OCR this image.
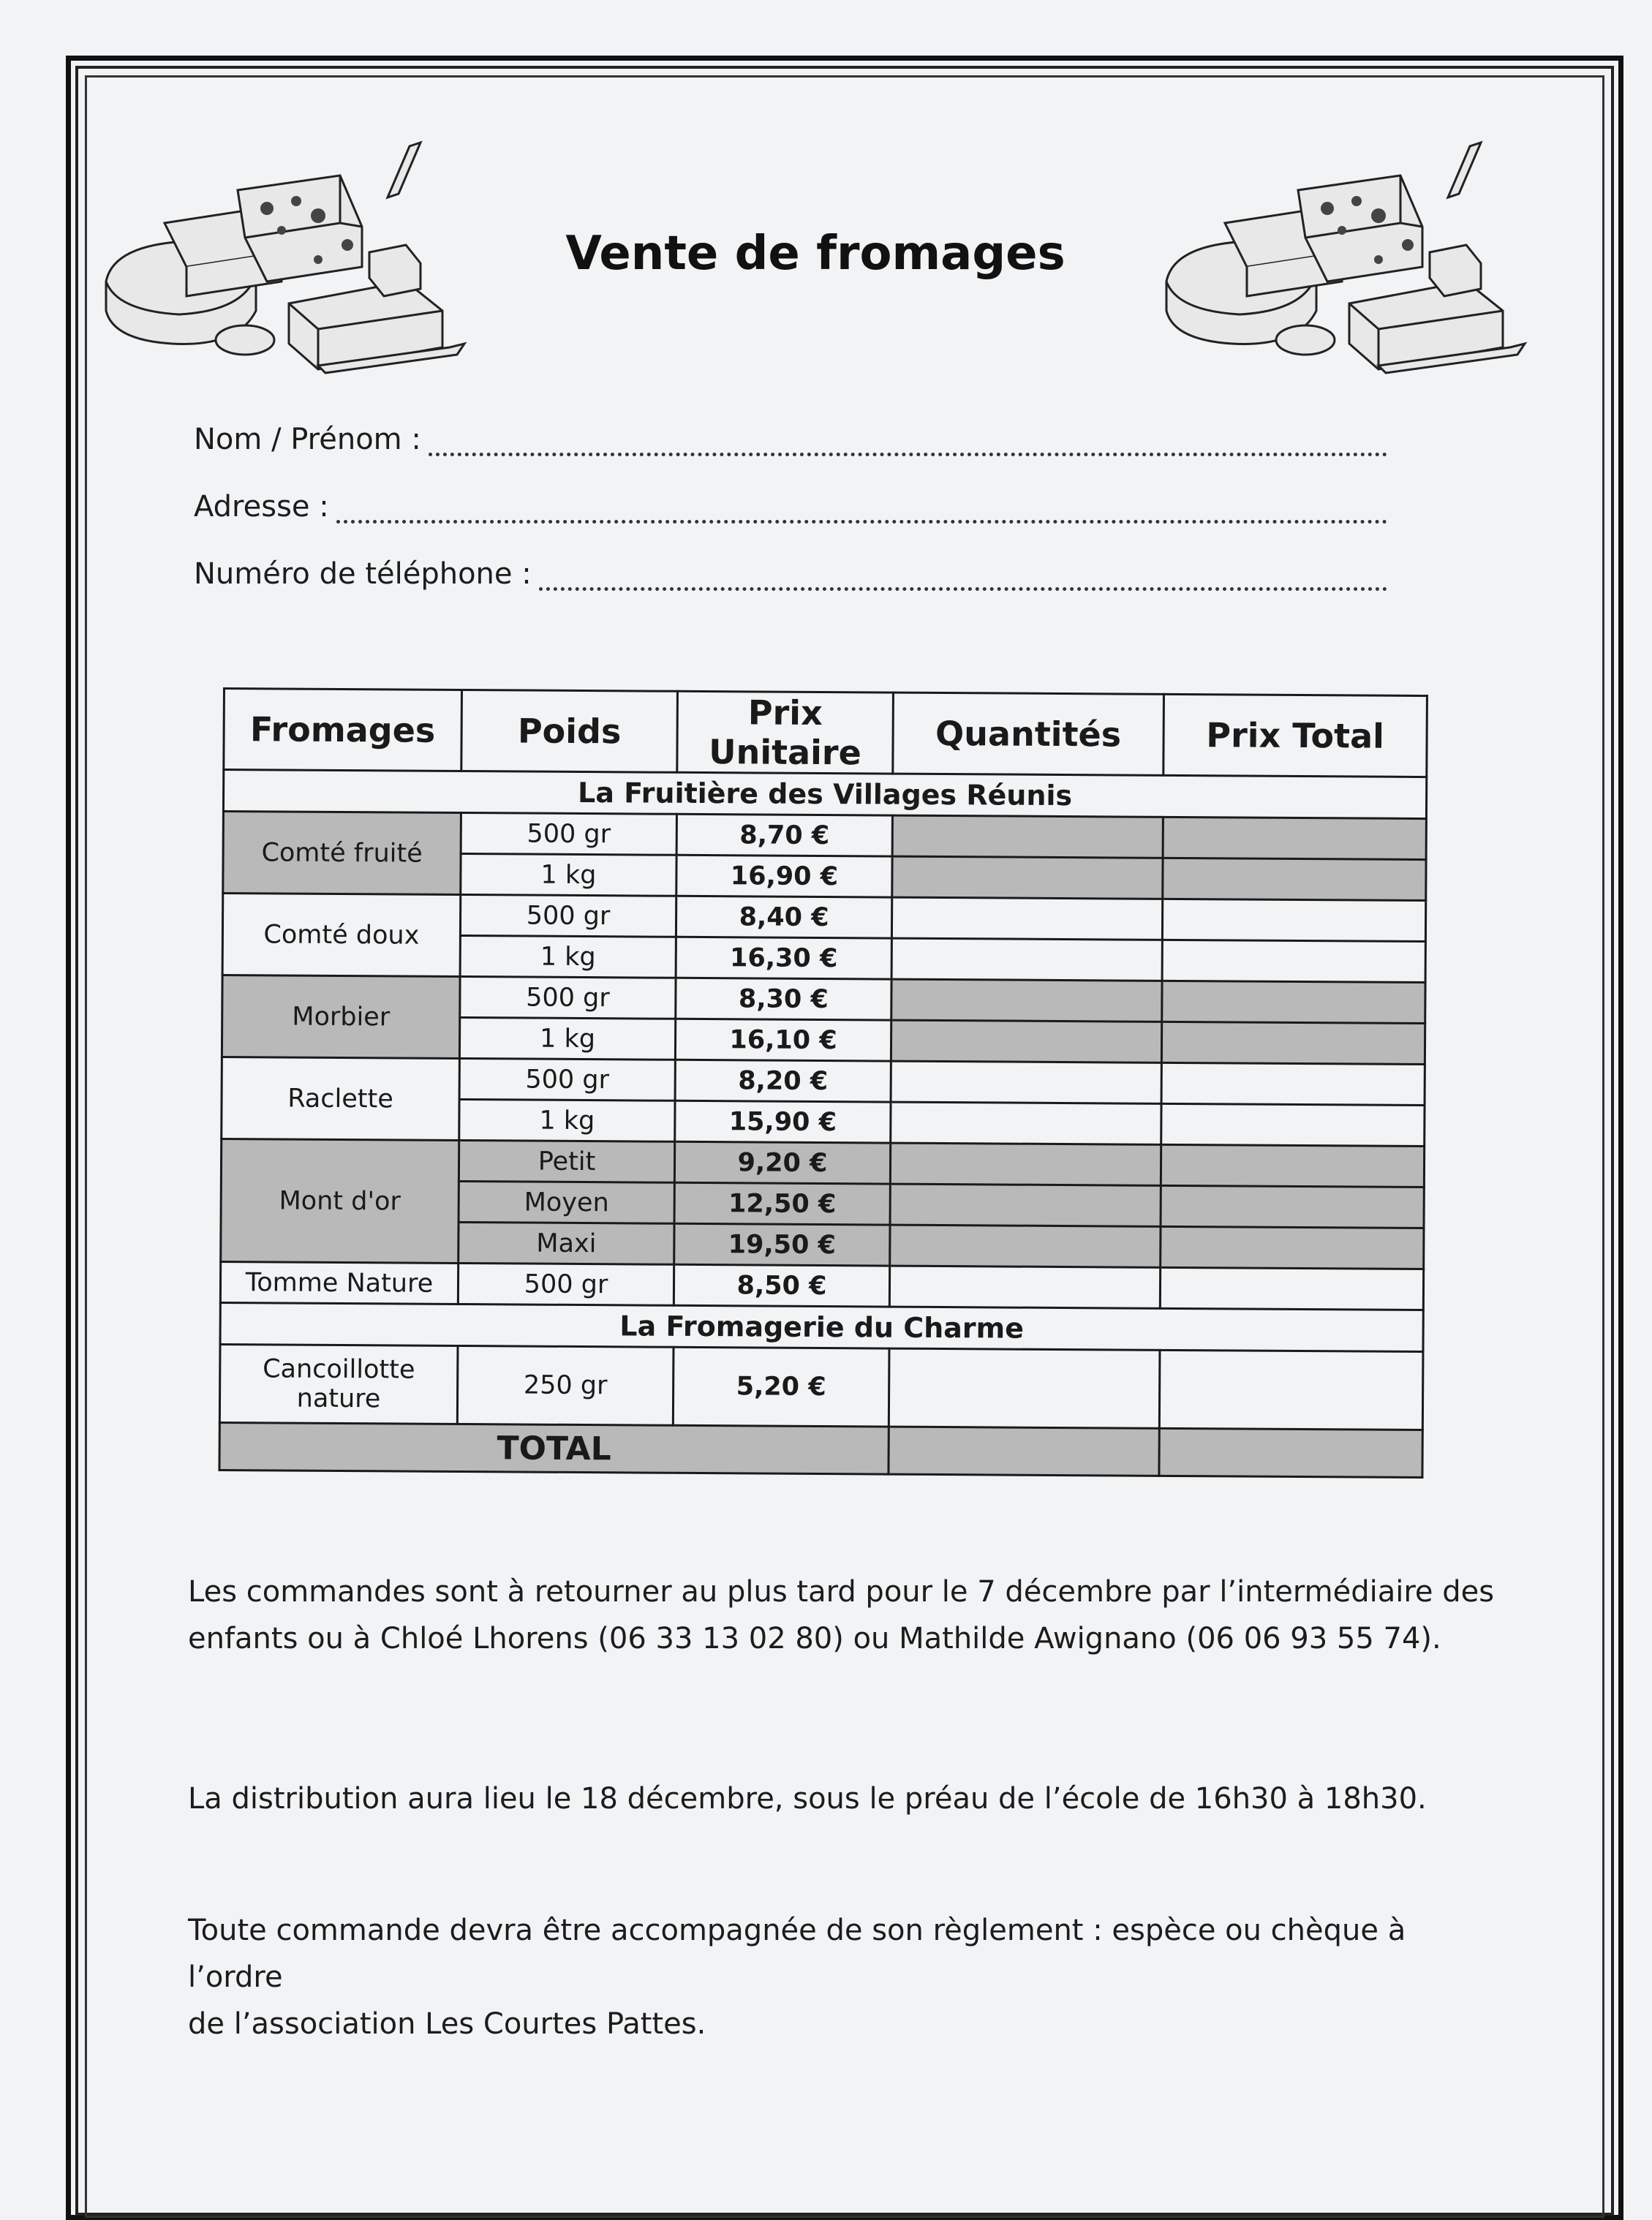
Vente de fromages
Nom / Prénom :
Adresse :
Numéro de téléphone :
Fromages	Poids	Prix Unitaire	Quantités	Prix Total
La Fruitière des Villages Réunis				
Comté fruité	500 gr	8,70 €		
	1 kg	16,90 €		
Comté doux	500 gr	8,40 €		
	1 kg	16,30 €		
Morbier	500 gr	8,30 €		
	1 kg	16,10 €		
Raclette	500 gr	8,20 €		
	1 kg	15,90 €		
Mont d'or	Petit	9,20 €		
	Moyen	12,50 €		
	Maxi	19,50 €		
Tomme Nature	500 gr	8,50 €		
La Fromagerie du Charme				

Cancoillotte
nature	250 gr	5,20 €		
TOTAL				
Les commandes sont à retourner au plus tard pour le 7 décembre par l’intermédiaire des
enfants ou à Chloé Lhorens (06 33 13 02 80) ou Mathilde Awignano (06 06 93 55 74).
La distribution aura lieu le 18 décembre, sous le préau de l’école de 16h30 à 18h30.
Toute commande devra être accompagnée de son règlement : espèce ou chèque à l’ordre
de l’association Les Courtes Pattes.
